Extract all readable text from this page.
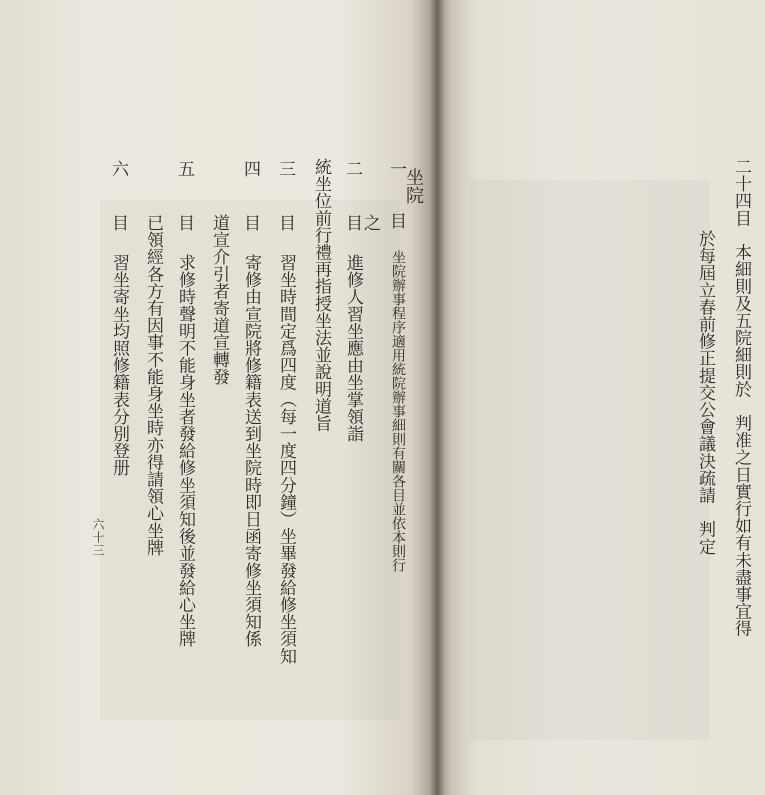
二十四目　本細則及五院細則於　判准之日實行如有未盡事宜得
於每屆立春前修正提交公會議決疏請　判定
坐院
一
目
坐院辦事程序適用統院辦事細則有關各目並依本則行
之
二
目
進修人習坐應由坐掌領詣
統坐位前行禮再指授坐法並說明道旨
三
目
習坐時間定爲四度（每一度四分鐘）坐畢發給修坐須知
四
目
寄修由宣院將修籍表送到坐院時即日函寄修坐須知係
道宣介引者寄道宣轉發
五
目
求修時聲明不能身坐者發給修坐須知後並發給心坐牌
已領經各方有因事不能身坐時亦得請領心坐牌
六
目
習坐寄坐均照修籍表分別登册
六十三
